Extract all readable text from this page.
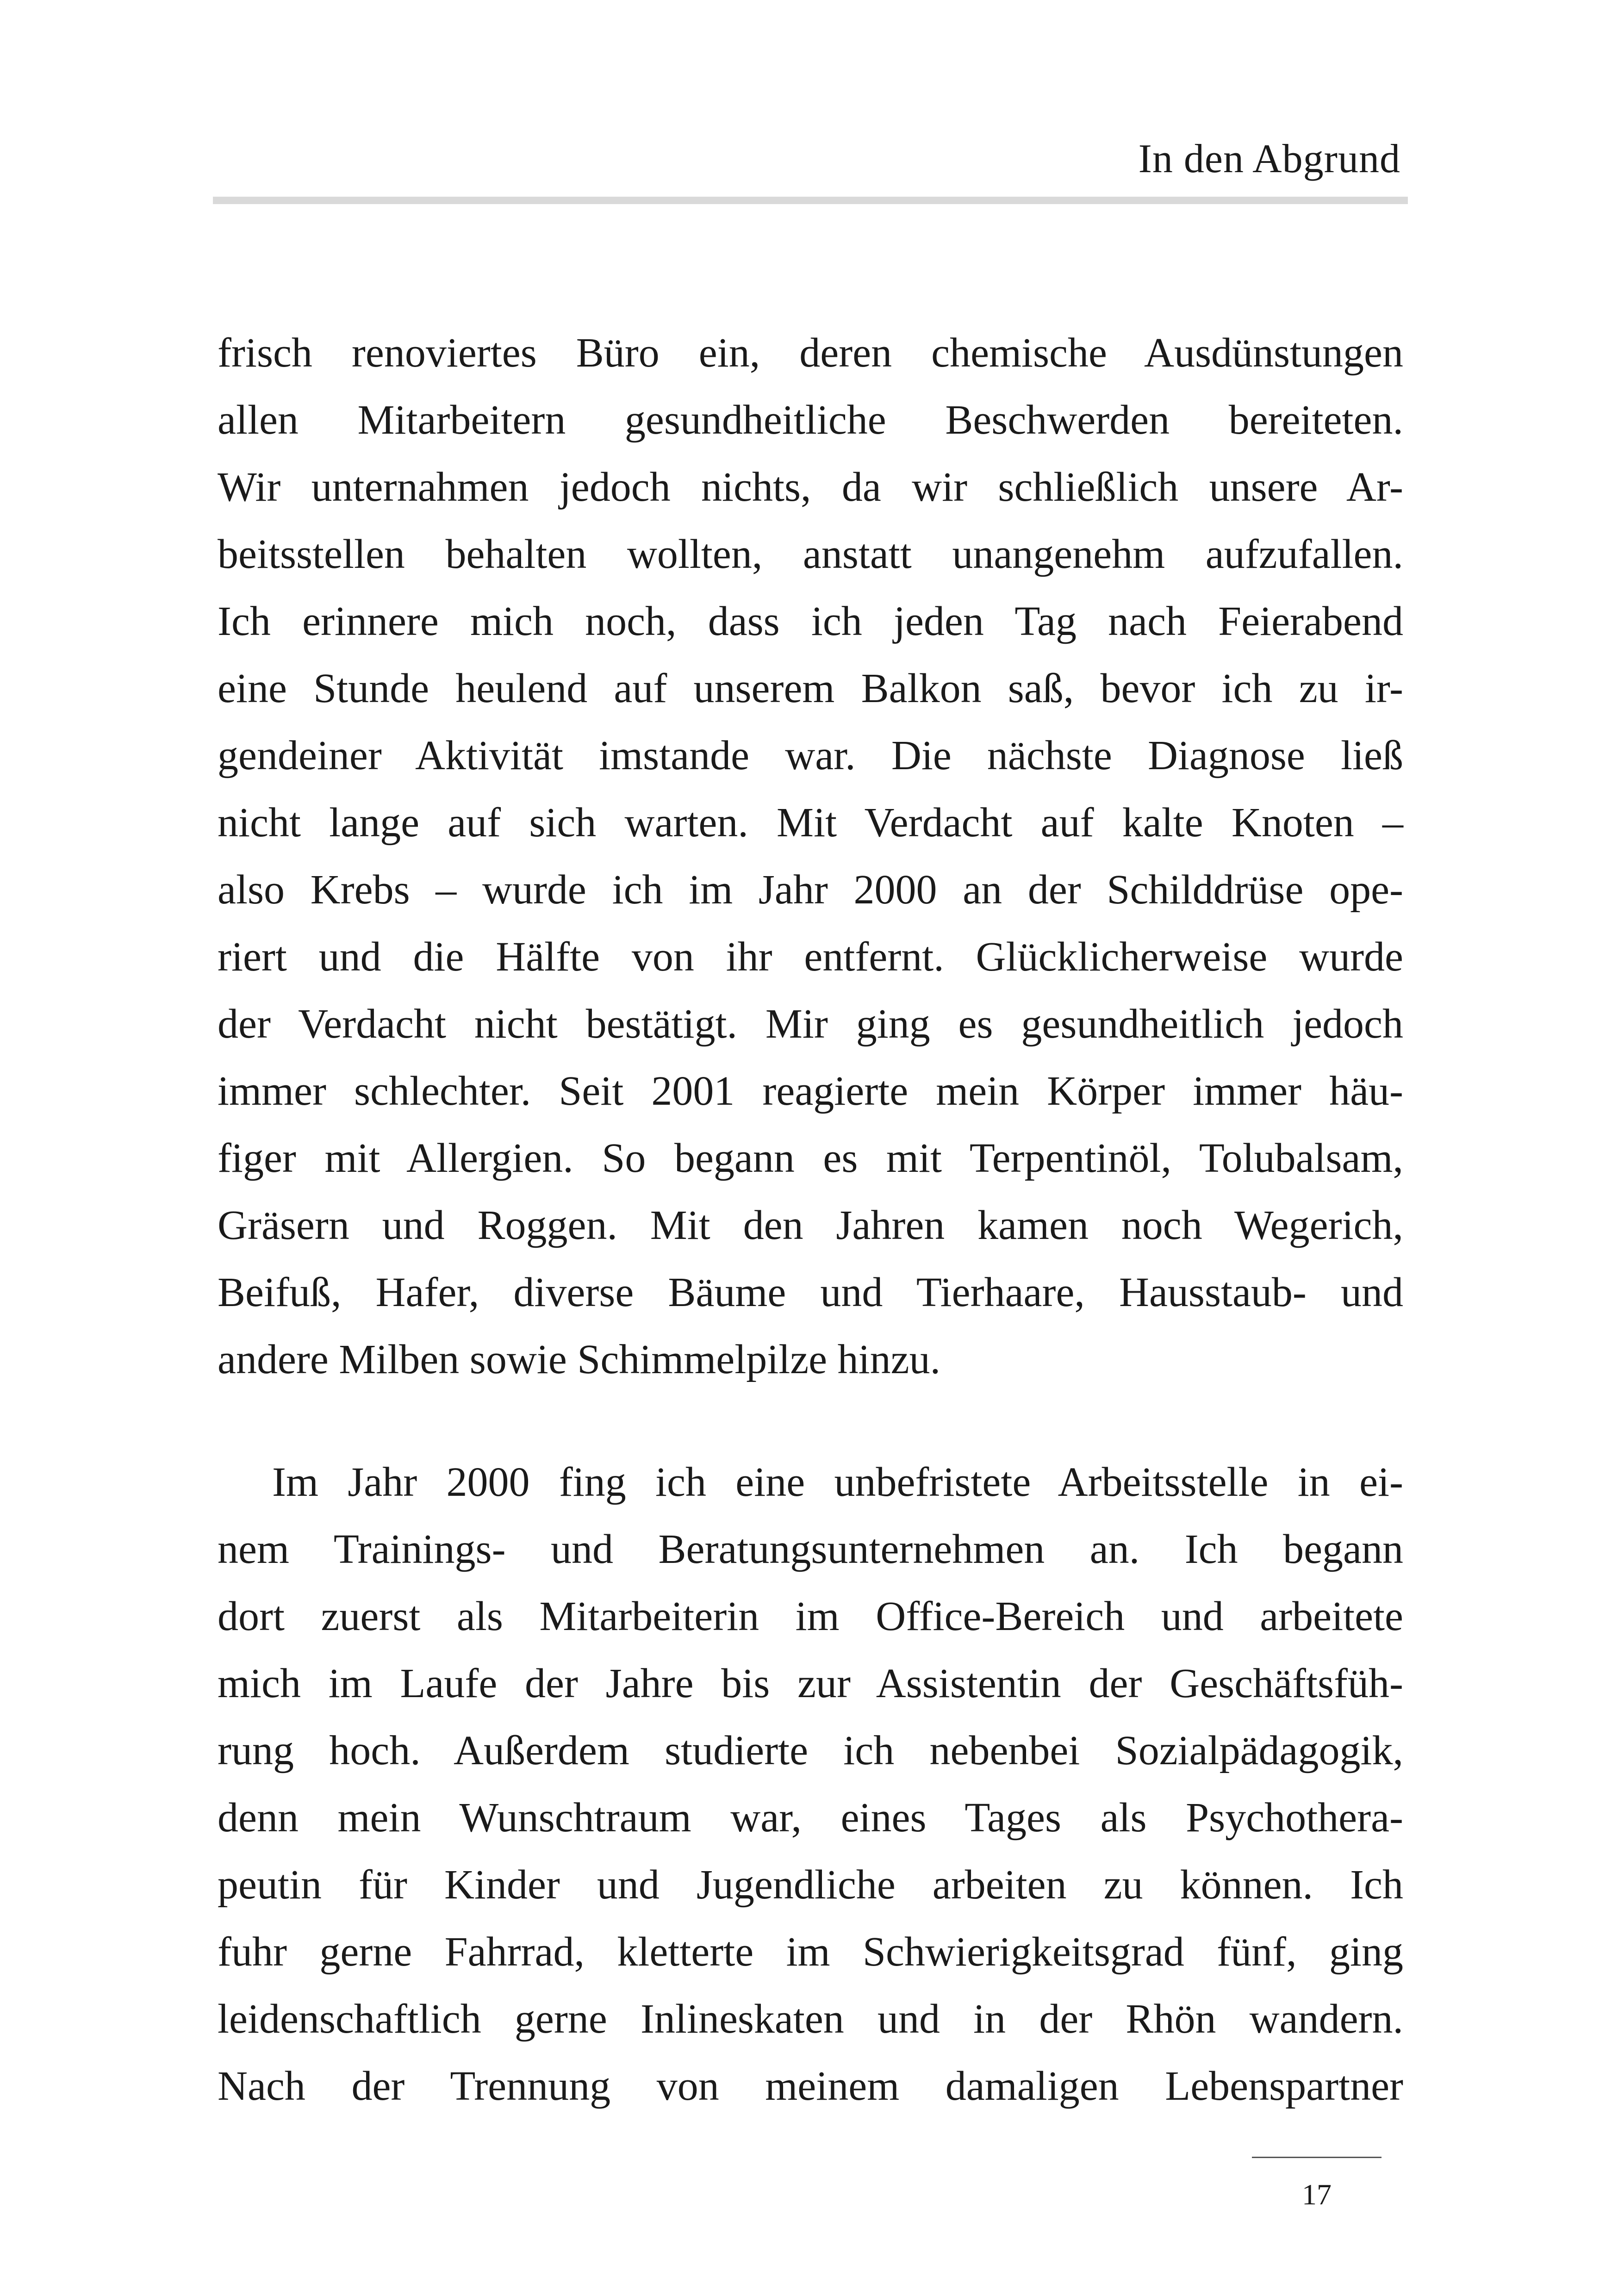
In den Abgrund
frisch renoviertes Büro ein, deren chemische Ausdünstungen
allen Mitarbeitern gesundheitliche Beschwerden bereiteten.
Wir unternahmen jedoch nichts, da wir schließlich unsere Ar-
beitsstellen behalten wollten, anstatt unangenehm aufzufallen.
Ich erinnere mich noch, dass ich jeden Tag nach Feierabend
eine Stunde heulend auf unserem Balkon saß, bevor ich zu ir-
gendeiner Aktivität imstande war. Die nächste Diagnose ließ
nicht lange auf sich warten. Mit Verdacht auf kalte Knoten –
also Krebs – wurde ich im Jahr 2000 an der Schilddrüse ope-
riert und die Hälfte von ihr entfernt. Glücklicherweise wurde
der Verdacht nicht bestätigt. Mir ging es gesundheitlich jedoch
immer schlechter. Seit 2001 reagierte mein Körper immer häu-
figer mit Allergien. So begann es mit Terpentinöl, Tolubalsam,
Gräsern und Roggen. Mit den Jahren kamen noch Wegerich,
Beifuß, Hafer, diverse Bäume und Tierhaare, Hausstaub- und
andere Milben sowie Schimmelpilze hinzu.
Im Jahr 2000 fing ich eine unbefristete Arbeitsstelle in ei-
nem Trainings- und Beratungsunternehmen an. Ich begann
dort zuerst als Mitarbeiterin im Office-Bereich und arbeitete
mich im Laufe der Jahre bis zur Assistentin der Geschäftsfüh-
rung hoch. Außerdem studierte ich nebenbei Sozialpädagogik,
denn mein Wunschtraum war, eines Tages als Psychothera-
peutin für Kinder und Jugendliche arbeiten zu können. Ich
fuhr gerne Fahrrad, kletterte im Schwierigkeitsgrad fünf, ging
leidenschaftlich gerne Inlineskaten und in der Rhön wandern.
Nach der Trennung von meinem damaligen Lebenspartner
17
